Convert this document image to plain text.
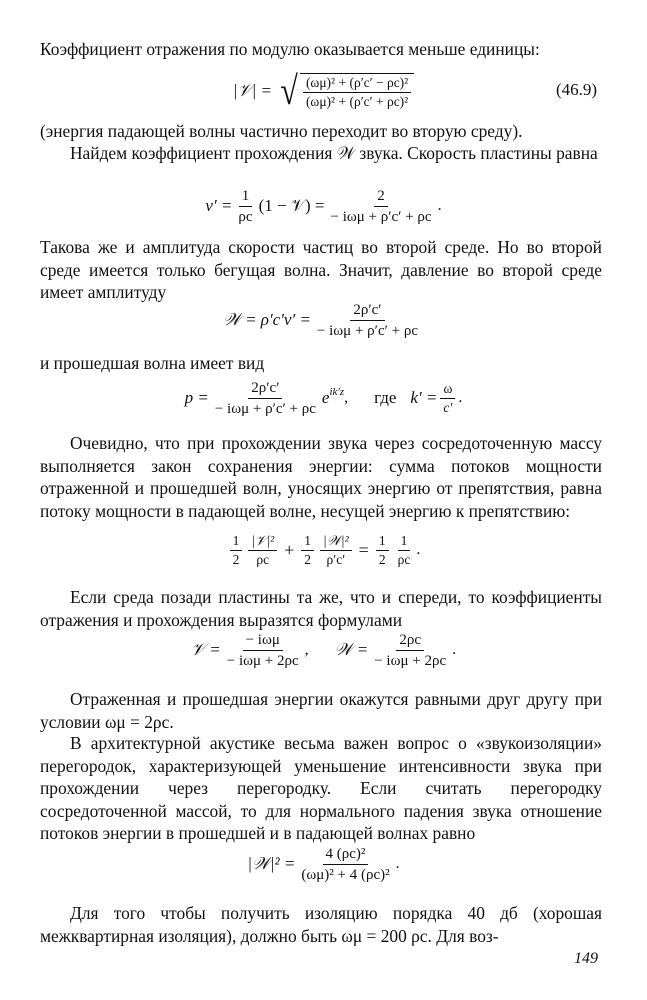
Коэффициент отражения по модулю оказывается меньше единицы:

|𝒱| = √ $\frac{\text{(ωμ)² + (ρ′c′ − ρc)²}}{\text{(ωμ)² + (ρ′c′ + ρc)²}}$	(46.9)

(энергия падающей волны частично переходит во вторую среду).

Найдем коэффициент прохождения 𝒲 звука. Скорость пластины равна

$v' = \frac{1}{\rho c} (1$ − 𝒱) = $\frac{2}{\text{− iωμ + ρ′c′ + ρc}}$ .

Такова же и амплитуда скорости частиц во второй среде. Но во второй среде имеется только бегущая волна. Значит, давление во второй среде имеет амплитуду

𝒲 = $\rho'c'v' = \frac{2\rho'c'}{\text{− iωμ + ρ′c′ + ρc}}$

и прошедшая волна имеет вид

$p = \frac{2\rho'c'}{\text{− iωμ + ρ′c′ + ρc}} e^{ik'z}$ , где $k' = \frac{\omega}{c'}$ .

Очевидно, что при прохождении звука через сосредоточенную массу выполняется закон сохранения энергии: сумма потоков мощности отраженной и прошедшей волн, уносящих энергию от препятствия, равна потоку мощности в падающей волне, несущей энергию к препятствию:

$\frac{1}{2} \frac{\text{|𝒱|²}}{\rho c} + \frac{1}{2} \frac{\text{|𝒲|²}}{\rho'c'} = \frac{1}{2} \frac{1}{\rho c}$ .

Если среда позади пластины та же, что и спереди, то коэффициенты отражения и прохождения выразятся формулами

𝒱 = $\frac{\text{− iωμ}}{\text{− iωμ + 2ρc}}$ , 𝒲 = $\frac{2\rho c}{\text{− iωμ + 2ρc}}$ .

Отраженная и прошедшая энергии окажутся равными друг другу при условии ωμ = 2ρc.

В архитектурной акустике весьма важен вопрос о «звукоизоляции» перегородок, характеризующей уменьшение интенсивности звука при прохождении через перегородку. Если считать перегородку сосредоточенной массой, то для нормального падения звука отношение потоков энергии в прошедшей и в падающей волнах равно

|𝒲|² = $\frac{\text{4 (ρc)²}}{\text{(ωμ)² + 4 (ρc)²}}$ .

Для того чтобы получить изоляцию порядка 40 дб (хорошая межквартирная изоляция), должно быть ωμ = 200 ρc. Для воз-

149
